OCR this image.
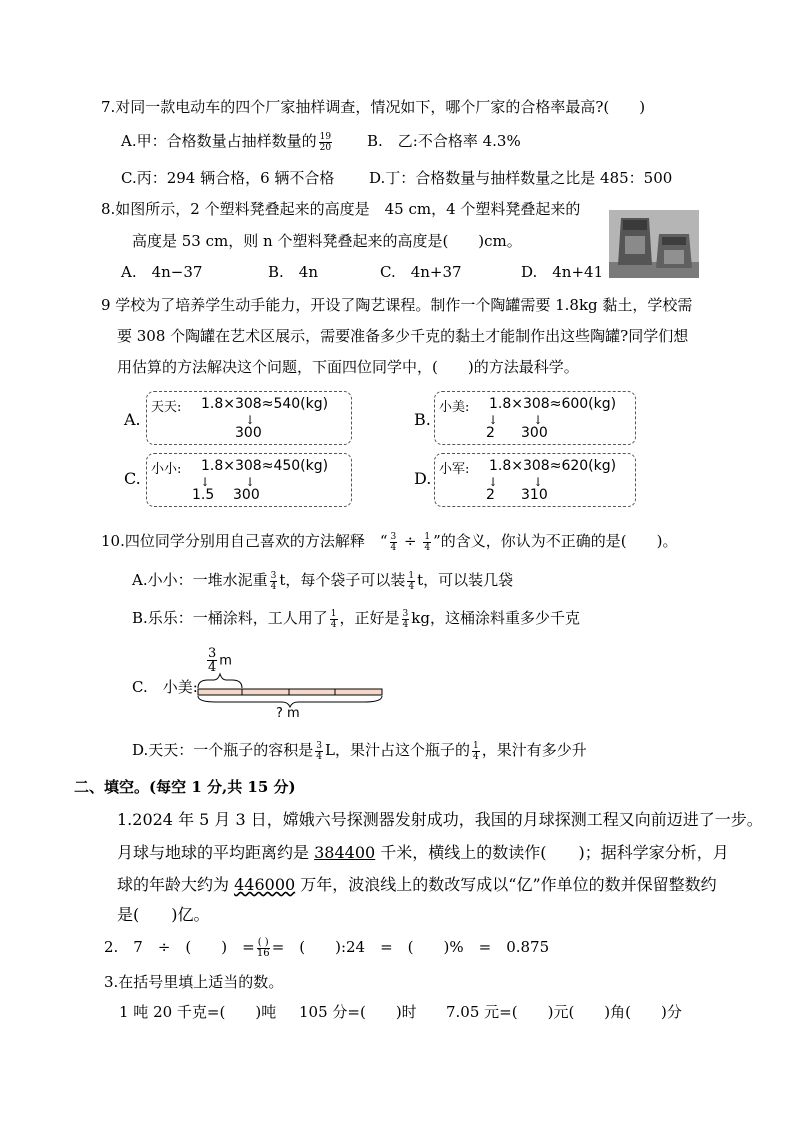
7.对同一款电动车的四个厂家抽样调查，情况如下，哪个厂家的合格率最高?(　　)
A.甲：合格数量占抽样数量的 $\frac{19}{20} B$.　乙:不合格率 4.3%
C.丙：294 辆合格，6 辆不合格 D.丁：合格数量与抽样数量之比是 485：500
8.如图所示，2 个塑料凳叠起来的高度是　45 cm，4 个塑料凳叠起来的
高度是 53 cm，则 n 个塑料凳叠起来的高度是(　　)cm。
A.　4n−37	B.　4n	C.　4n+37	D.　4n+41
9 学校为了培养学生动手能力，开设了陶艺课程。制作一个陶罐需要 1.8kg 黏土，学校需
要 308 个陶罐在艺术区展示，需要准备多少千克的黏土才能制作出这些陶罐?同学们想
用估算的方法解决这个问题，下面四位同学中，(　　)的方法最科学。
A.
天天: 1.8×308≈540(kg)
↓
300
B.
小美: 1.8×308≈600(kg)
↓	↓
2 300
C. 小小: 1.8×308≈450(kg)
↓	↓
1.5 300
D. 小军: 1.8×308≈620(kg)
↓	↓
2 310
10.四位同学分别用自己喜欢的方法解释　“ $\frac{3}{4} \div \frac{1}{4}$ ”的含义，你认为不正确的是(　　)。
A.小小：一堆水泥重 $\frac{3}{4}$ t，每个袋子可以装 $\frac{1}{4}$ t，可以装几袋
B.乐乐：一桶涂料，工人用了 $\frac{1}{4}$ ，正好是 $\frac{3}{4}$ kg，这桶涂料重多少千克
C.　小美:
$\frac{3}{4}$ m
? m
D.天天：一个瓶子的容积是 $\frac{3}{4}$ L，果汁占这个瓶子的 $\frac{1}{4}$ ，果汁有多少升
二、填空。(每空 1 分,共 15 分)
1.2024 年 5 月 3 日，嫦娥六号探测器发射成功，我国的月球探测工程又向前迈进了一步。
月球与地球的平均距离约是 384400 千米，横线上的数读作(　　)；据科学家分析，月
球的年龄大约为 446000 万年，波浪线上的数改写成以“亿”作单位的数并保留整数约
是(　　)亿。
2.　7　÷　(　　)　= $\frac{( )}{16}$ =　(　　):24　=　(　　)%　=　0.875
3.在括号里填上适当的数。
1 吨 20 千克=(　　)吨 105 分=(　　)时 7.05 元=(　　)元(　　)角(　　)分
